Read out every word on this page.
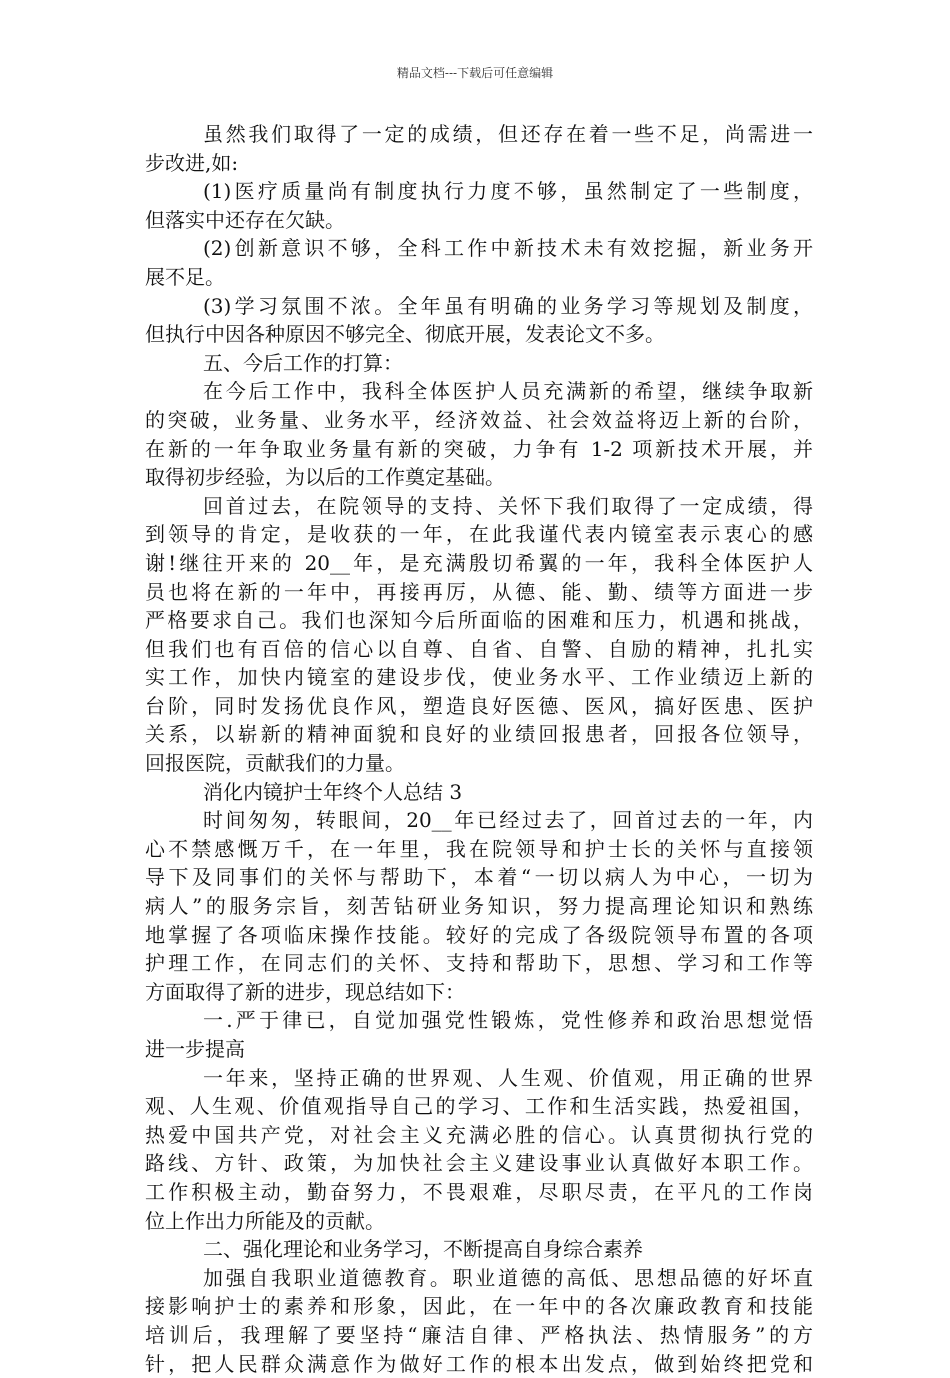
精品文档---下载后可任意编辑
虽然我们取得了一定的成绩，但还存在着一些不足，尚需进一
步改进,如:
(1)医疗质量尚有制度执行力度不够，虽然制定了一些制度，
但落实中还存在欠缺。
(2)创新意识不够，全科工作中新技术未有效挖掘，新业务开
展不足。
(3)学习氛围不浓。全年虽有明确的业务学习等规划及制度，
但执行中因各种原因不够完全、彻底开展，发表论文不多。
五、今后工作的打算：
在今后工作中，我科全体医护人员充满新的希望，继续争取新
的突破，业务量、业务水平，经济效益、社会效益将迈上新的台阶，
在新的一年争取业务量有新的突破，力争有 1-2 项新技术开展，并
取得初步经验，为以后的工作奠定基础。
回首过去，在院领导的支持、关怀下我们取得了一定成绩，得
到领导的肯定，是收获的一年，在此我谨代表内镜室表示衷心的感
谢!继往开来的 20__年，是充满殷切希翼的一年，我科全体医护人
员也将在新的一年中，再接再厉，从德、能、勤、绩等方面进一步
严格要求自己。我们也深知今后所面临的困难和压力，机遇和挑战，
但我们也有百倍的信心以自尊、自省、自警、自励的精神，扎扎实
实工作，加快内镜室的建设步伐，使业务水平、工作业绩迈上新的
台阶，同时发扬优良作风，塑造良好医德、医风，搞好医患、医护
关系，以崭新的精神面貌和良好的业绩回报患者，回报各位领导，
回报医院，贡献我们的力量。
消化内镜护士年终个人总结 3
时间匆匆，转眼间，20__年已经过去了，回首过去的一年，内
心不禁感慨万千，在一年里，我在院领导和护士长的关怀与直接领
导下及同事们的关怀与帮助下，本着“一切以病人为中心，一切为
病人”的服务宗旨，刻苦钻研业务知识，努力提高理论知识和熟练
地掌握了各项临床操作技能。较好的完成了各级院领导布置的各项
护理工作，在同志们的关怀、支持和帮助下，思想、学习和工作等
方面取得了新的进步，现总结如下：
一.严于律已，自觉加强党性锻炼，党性修养和政治思想觉悟
进一步提高
一年来，坚持正确的世界观、人生观、价值观，用正确的世界
观、人生观、价值观指导自己的学习、工作和生活实践，热爱祖国，
热爱中国共产党，对社会主义充满必胜的信心。认真贯彻执行党的
路线、方针、政策，为加快社会主义建设事业认真做好本职工作。
工作积极主动，勤奋努力，不畏艰难，尽职尽责，在平凡的工作岗
位上作出力所能及的贡献。
二、强化理论和业务学习，不断提高自身综合素养
加强自我职业道德教育。职业道德的高低、思想品德的好坏直
接影响护士的素养和形象，因此，在一年中的各次廉政教育和技能
培训后，我理解了要坚持“廉洁自律、严格执法、热情服务”的方
针，把人民群众满意作为做好工作的根本出发点，做到始终把党和
